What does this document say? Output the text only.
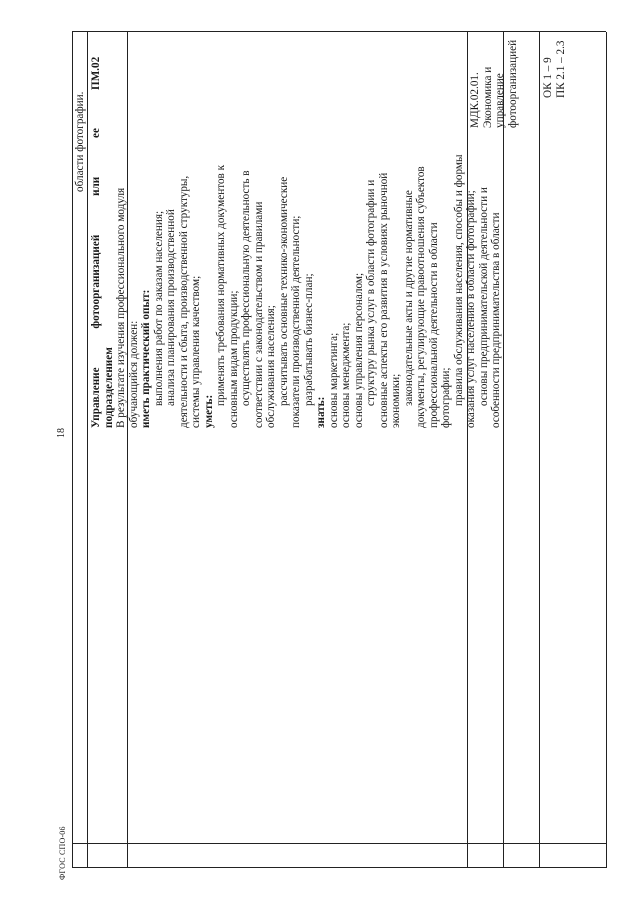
ФГОС СПО-06
18
области фотографии.
ПМ.02
Управление
фотоорганизацией
или
ее
подразделением В результате изучения профессионального модуля обучающийся должен: иметь практический опыт: выполнения работ по заказам населения; анализа планирования производственной деятельности и сбыта, производственной структуры, системы управления качеством; уметь:
применять требования нормативных документов к основным видам продукции; осуществлять профессиональную деятельность в соответствии с законодательством и правилами обслуживания населения; рассчитывать основные технико-экономические показатели производственной деятельности; разрабатывать бизнес-план;
знать: основы маркетинга; основы менеджмента; основы управления персоналом; структуру рынка услуг в области фотографии и основные аспекты его развития в условиях рыночной экономики; законодательные акты и другие нормативные документы, регулирующие правоотношения субъектов профессиональной деятельности в области фотографии; правила обслуживания населения, способы и формы оказания услуг населению в области фотографии; основы предпринимательской деятельности и особенности предпринимательства в области
МДК.02.01. Экономика и управление фотоорганизацией ОК 1 – 9 ПК 2.1 – 2.3
